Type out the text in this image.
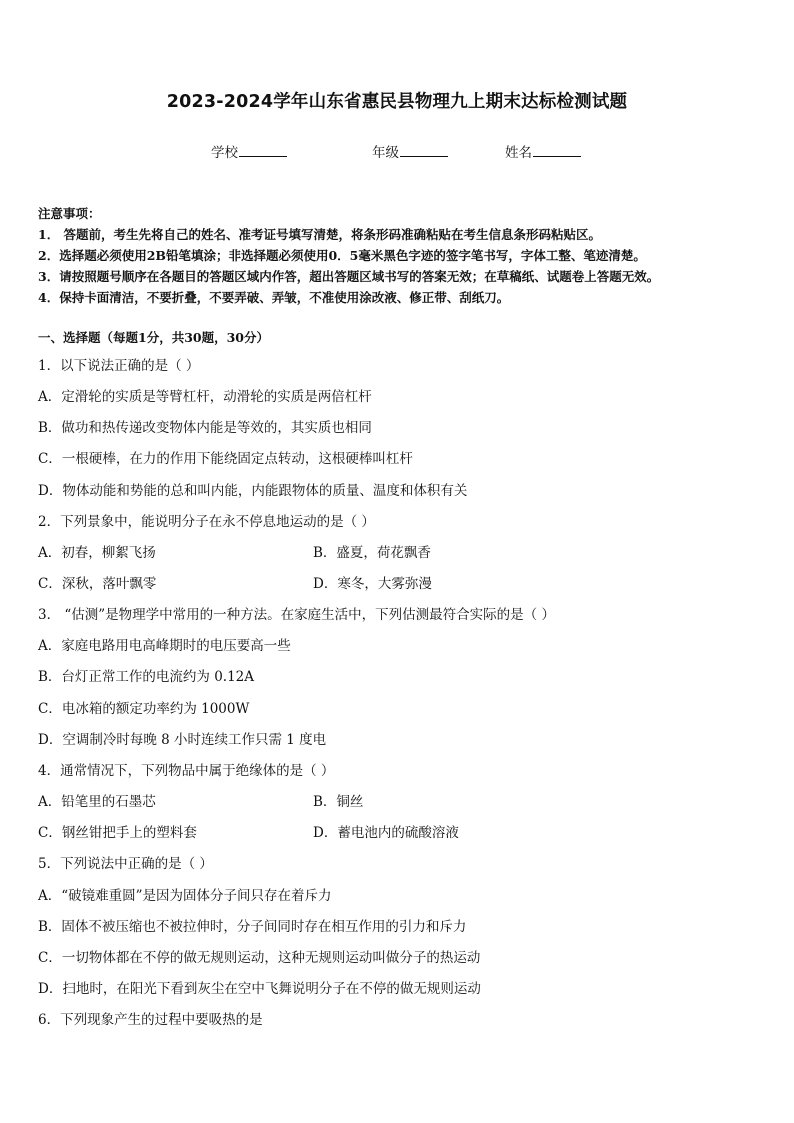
2023-2024学年山东省惠民县物理九上期末达标检测试题
学校	年级	姓名
注意事项：
1． 答题前，考生先将自己的姓名、准考证号填写清楚，将条形码准确粘贴在考生信息条形码粘贴区。
2．选择题必须使用2B铅笔填涂；非选择题必须使用0．5毫米黑色字迹的签字笔书写，字体工整、笔迹清楚。
3．请按照题号顺序在各题目的答题区域内作答，超出答题区域书写的答案无效；在草稿纸、试题卷上答题无效。
4．保持卡面清洁，不要折叠，不要弄破、弄皱，不准使用涂改液、修正带、刮纸刀。
一、选择题（每题1分，共30题，30分）
1．以下说法正确的是（ ）
A．定滑轮的实质是等臂杠杆，动滑轮的实质是两倍杠杆
B．做功和热传递改变物体内能是等效的，其实质也相同
C．一根硬棒，在力的作用下能绕固定点转动，这根硬棒叫杠杆
D．物体动能和势能的总和叫内能，内能跟物体的质量、温度和体积有关
2．下列景象中，能说明分子在永不停息地运动的是（ ）
A．初春，柳絮飞扬	B．盛夏，荷花飘香
C．深秋，落叶飘零	D．寒冬，大雾弥漫
3． “估测”是物理学中常用的一种方法。在家庭生活中，下列估测最符合实际的是（ ）
A．家庭电路用电高峰期时的电压要高一些
B．台灯正常工作的电流约为 0.12A
C．电冰箱的额定功率约为 1000W
D．空调制冷时每晚 8 小时连续工作只需 1 度电
4．通常情况下，下列物品中属于绝缘体的是（ ）
A．铅笔里的石墨芯	B．铜丝
C．钢丝钳把手上的塑料套	D．蓄电池内的硫酸溶液
5．下列说法中正确的是（ ）
A．“破镜难重圆”是因为固体分子间只存在着斥力
B．固体不被压缩也不被拉伸时，分子间同时存在相互作用的引力和斥力
C．一切物体都在不停的做无规则运动，这种无规则运动叫做分子的热运动
D．扫地时，在阳光下看到灰尘在空中飞舞说明分子在不停的做无规则运动
6．下列现象产生的过程中要吸热的是
